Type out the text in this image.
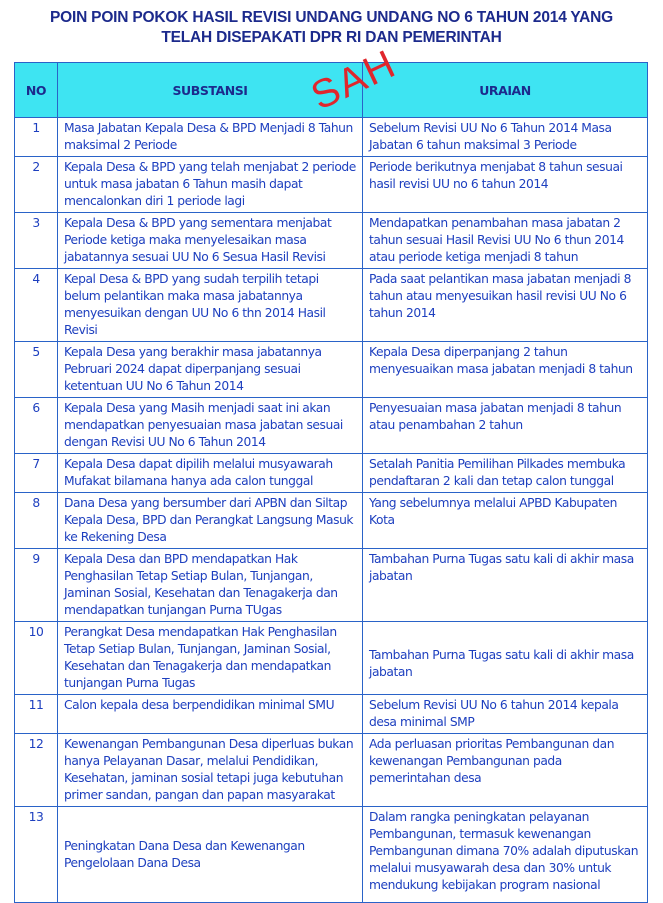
POIN POIN POKOK HASIL REVISI UNDANG UNDANG NO 6 TAHUN 2014 YANG
TELAH DISEPAKATI DPR RI DAN PEMERINTAH
NO	SUBSTANSI	URAIAN
1	Masa Jabatan Kepala Desa & BPD Menjadi 8 Tahun maksimal 2 Periode	Sebelum Revisi UU No 6 Tahun 2014 Masa Jabatan 6 tahun maksimal 3 Periode
2	Kepala Desa & BPD yang telah menjabat 2 periode untuk masa jabatan 6 Tahun masih dapat mencalonkan diri 1 periode lagi	Periode berikutnya menjabat 8 tahun sesuai hasil revisi UU no 6 tahun 2014
3	Kepala Desa & BPD yang sementara menjabat Periode ketiga maka menyelesaikan masa jabatannya sesuai UU No 6 Sesua Hasil Revisi	Mendapatkan penambahan masa jabatan 2 tahun sesuai Hasil Revisi UU No 6 thun 2014 atau periode ketiga menjadi 8 tahun
4	Kepal Desa & BPD yang sudah terpilih tetapi belum pelantikan maka masa jabatannya menyesuikan dengan UU No 6 thn 2014 Hasil Revisi	Pada saat pelantikan masa jabatan menjadi 8 tahun atau menyesuikan hasil revisi UU No 6 tahun 2014
5	Kepala Desa yang berakhir masa jabatannya Pebruari 2024 dapat diperpanjang sesuai ketentuan UU No 6 Tahun 2014	Kepala Desa diperpanjang 2 tahun menyesuaikan masa jabatan menjadi 8 tahun
6	Kepala Desa yang Masih menjadi saat ini akan mendapatkan penyesuaian masa jabatan sesuai dengan Revisi UU No 6 Tahun 2014	Penyesuaian masa jabatan menjadi 8 tahun atau penambahan 2 tahun
7	Kepala Desa dapat dipilih melalui musyawarah Mufakat bilamana hanya ada calon tunggal	Setalah Panitia Pemilihan Pilkades membuka pendaftaran 2 kali dan tetap calon tunggal
8	Dana Desa yang bersumber dari APBN dan Siltap Kepala Desa, BPD dan Perangkat Langsung Masuk ke Rekening Desa	Yang sebelumnya melalui APBD Kabupaten Kota
9	Kepala Desa dan BPD mendapatkan Hak Penghasilan Tetap Setiap Bulan, Tunjangan, Jaminan Sosial, Kesehatan dan Tenagakerja dan mendapatkan tunjangan Purna TUgas	Tambahan Purna Tugas satu kali di akhir masa jabatan
10	Perangkat Desa mendapatkan Hak Penghasilan Tetap Setiap Bulan, Tunjangan, Jaminan Sosial, Kesehatan dan Tenagakerja dan mendapatkan tunjangan Purna Tugas	Tambahan Purna Tugas satu kali di akhir masa jabatan
11	Calon kepala desa berpendidikan minimal SMU	Sebelum Revisi UU No 6 tahun 2014 kepala desa minimal SMP
12	Kewenangan Pembangunan Desa diperluas bukan hanya Pelayanan Dasar, melalui Pendidikan, Kesehatan, jaminan sosial tetapi juga kebutuhan primer sandan, pangan dan papan masyarakat	Ada perluasan prioritas Pembangunan dan kewenangan Pembangunan pada pemerintahan desa
13	Peningkatan Dana Desa dan Kewenangan Pengelolaan Dana Desa	Dalam rangka peningkatan pelayanan Pembangunan, termasuk kewenangan Pembangunan dimana 70% adalah diputuskan melalui musyawarah desa dan 30% untuk mendukung kebijakan program nasional
SAH
